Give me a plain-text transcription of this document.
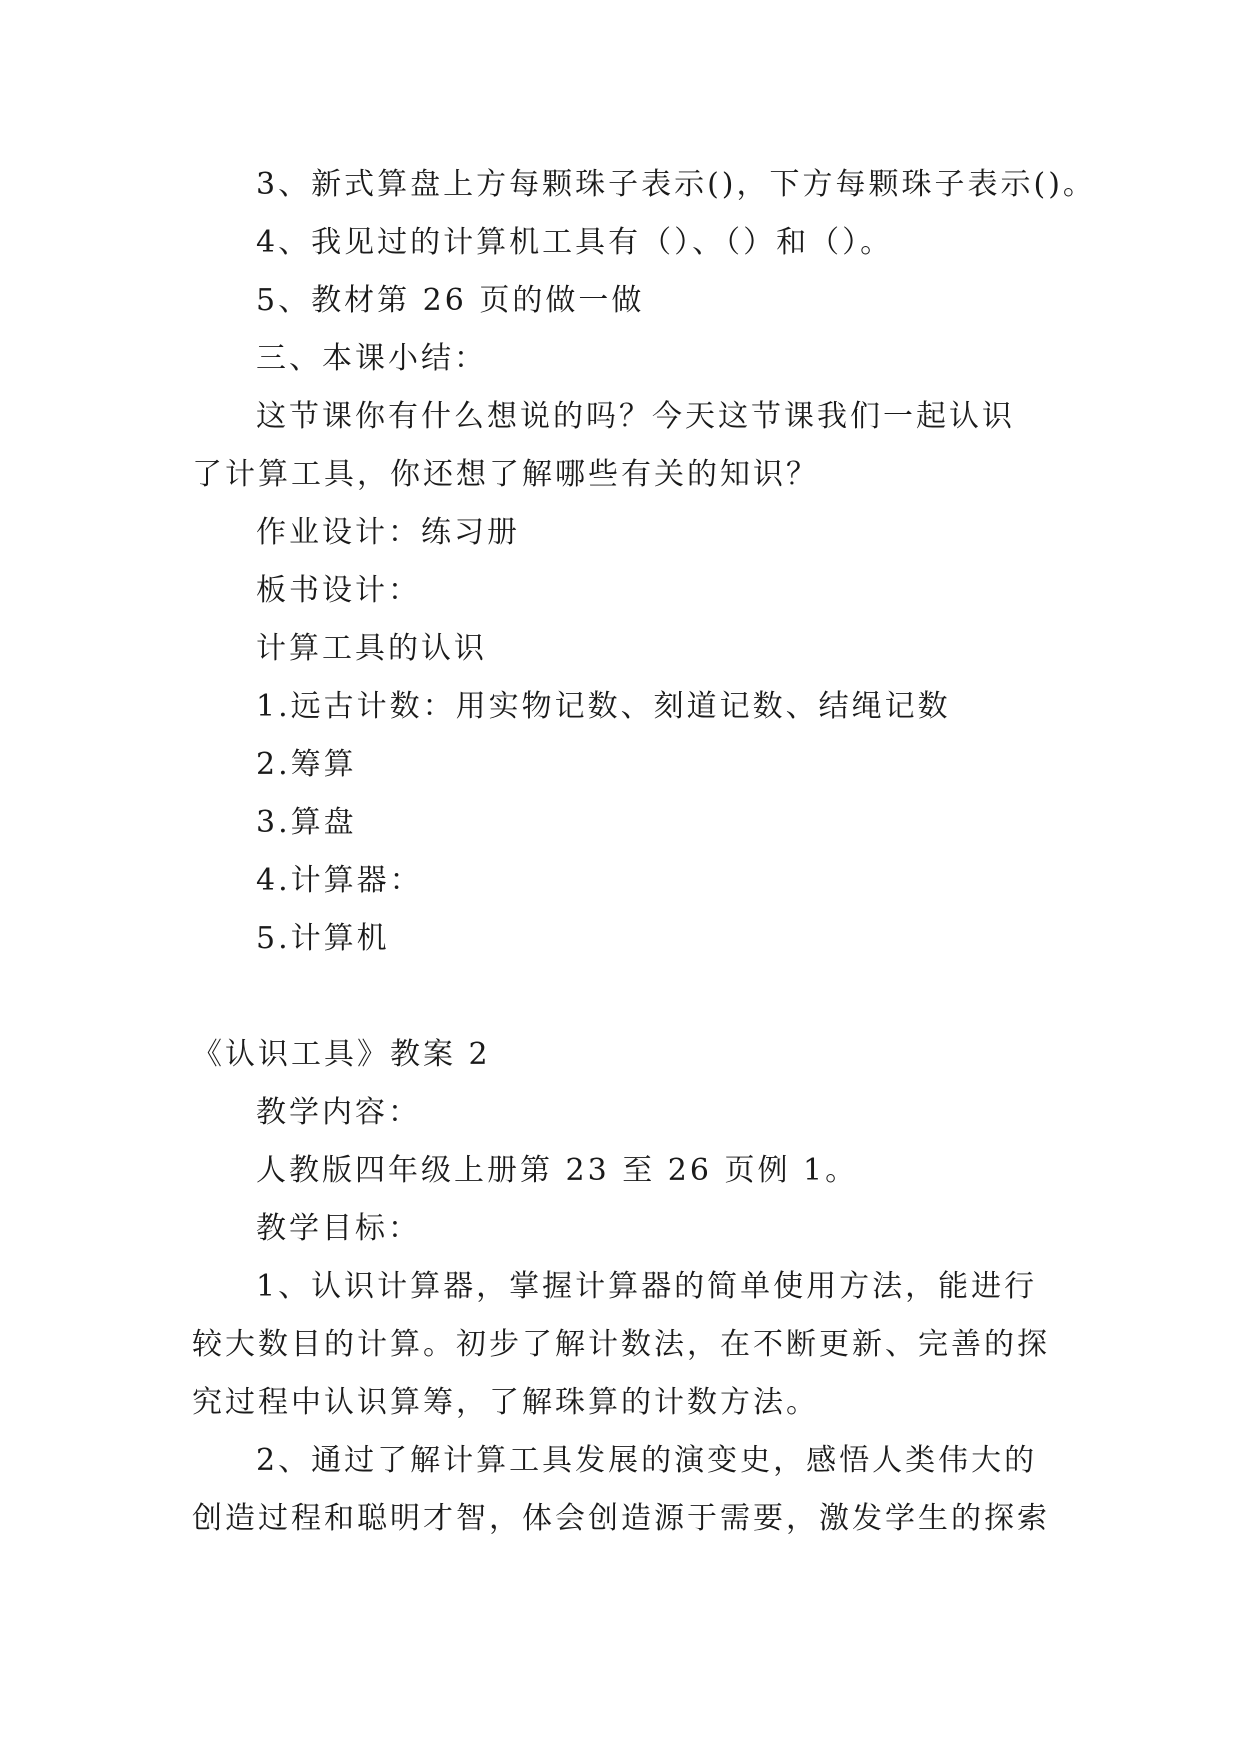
3、新式算盘上方每颗珠子表示()，下方每颗珠子表示()。
4、我见过的计算机工具有（）、（）和（）。
5、教材第 26 页的做一做
三、本课小结：
这节课你有什么想说的吗？今天这节课我们一起认识
了计算工具，你还想了解哪些有关的知识？
作业设计：练习册
板书设计：
计算工具的认识
1.远古计数：用实物记数、刻道记数、结绳记数
2.筹算
3.算盘
4.计算器：
5.计算机
《认识工具》教案 2
教学内容：
人教版四年级上册第 23 至 26 页例 1。
教学目标：
1、认识计算器，掌握计算器的简单使用方法，能进行
较大数目的计算。初步了解计数法，在不断更新、完善的探
究过程中认识算筹，了解珠算的计数方法。
2、通过了解计算工具发展的演变史，感悟人类伟大的
创造过程和聪明才智，体会创造源于需要，激发学生的探索
